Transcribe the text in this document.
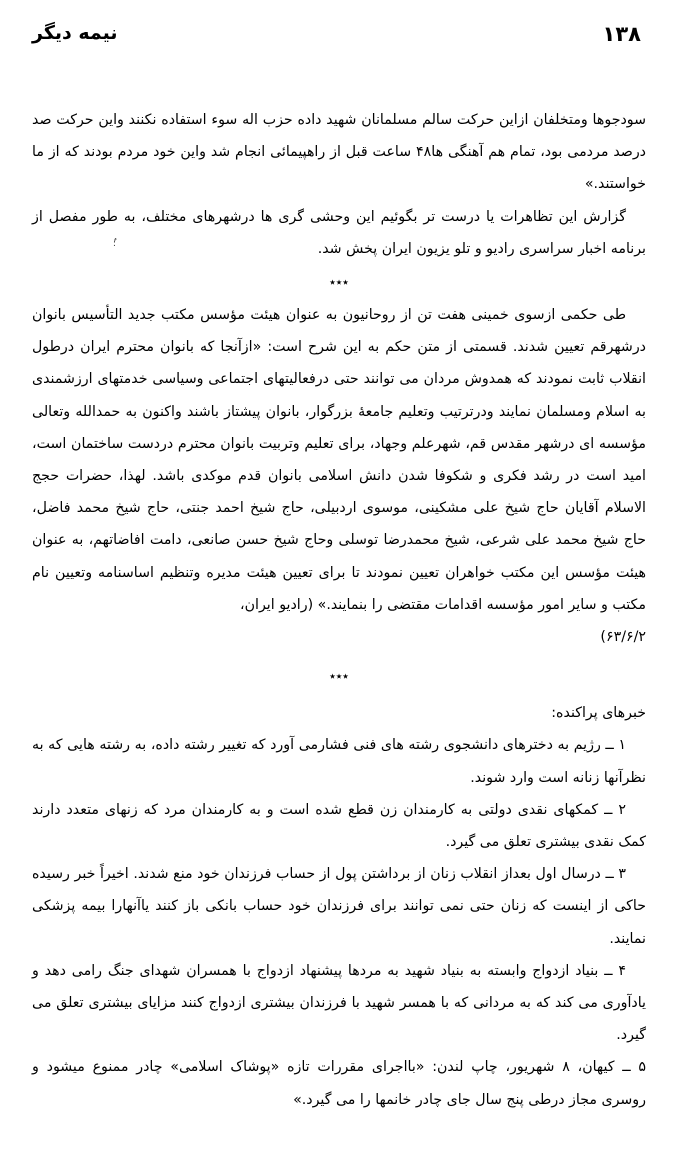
۱۳۸
نیمه دیگر
؛ٌ

سودجوها ومتخلفان ازاین حرکت سالم مسلمانان شهید داده حزب اله سوء استفاده نکنند واین حرکت صد درصد مردمی بود، تمام هم آهنگی ها۴۸ ساعت قبل از راهپیمائی انجام شد واین خود مردم بودند که از ما خواستند.»

گزارش این تظاهرات یا درست تر بگوئیم این وحشی گری ها درشهرهای مختلف، به طور مفصل از برنامه اخبار سراسری رادیو و تلو یزیون ایران پخش شد.

٭٭٭

طی حکمی ازسوی خمینی هفت تن از روحانیون به عنوان هیئت مؤسس مکتب جدید التأسیس بانوان درشهرقم تعیین شدند. قسمتی از متن حکم به این شرح است: «ازآنجا که بانوان محترم ایران درطول انقلاب ثابت نمودند که همدوش مردان می توانند حتی درفعالیتهای اجتماعی وسیاسی خدمتهای ارزشمندی به اسلام ومسلمان نمایند ودرترتیب وتعلیم جامعهٔ بزرگوار، بانوان پیشتاز باشند واکنون به حمدالله وتعالی مؤسسه ای درشهر مقدس قم، شهرعلم وجهاد، برای تعلیم وتربیت بانوان محترم دردست ساختمان است، امید است در رشد فکری و شکوفا شدن دانش اسلامی بانوان قدم موکدی باشد. لهذا، حضرات حجج الاسلام آقایان حاج شیخ علی مشکینی، موسوی اردبیلی، حاج شیخ احمد جنتی، حاج شیخ محمد فاضل، حاج شیخ محمد علی شرعی، شیخ محمدرضا توسلی وحاج شیخ حسن صانعی، دامت افاضاتهم، به عنوان هیئت مؤسس این مکتب خواهران تعیین نمودند تا برای تعیین هیئت مدیره وتنظیم اساسنامه وتعیین نام مکتب و سایر امور مؤسسه اقدامات مقتضی را بنمایند.» (رادیو ایران،

۶۳/۶/۲)

٭٭٭

خبرهای پراکنده:

۱ ــ رژیم به دخترهای دانشجوی رشته های فنی فشارمی آورد که تغییر رشته داده، به رشته هایی که به نظرآنها زنانه است وارد شوند.

۲ ــ کمکهای نقدی دولتی به کارمندان زن قطع شده است و به کارمندان مرد که زنهای متعدد دارند کمک نقدی بیشتری تعلق می گیرد.

۳ ــ درسال اول بعداز انقلاب زنان از برداشتن پول از حساب فرزندان خود منع شدند. اخیراً خبر رسیده حاکی از اینست که زنان حتی نمی توانند برای فرزندان خود حساب بانکی باز کنند یاآنهارا بیمه پزشکی نمایند.

۴ ــ بنیاد ازدواج وابسته به بنیاد شهید به مردها پیشنهاد ازدواج با همسران شهدای جنگ رامی دهد و یادآوری می کند که به مردانی که با همسر شهید با فرزندان بیشتری ازدواج کنند مزایای بیشتری تعلق می گیرد.

۵ ــ کیهان، ۸ شهریور، چاپ لندن: «بااجرای مقررات تازه «پوشاک اسلامی» چادر ممنوع میشود و روسری مجاز درطی پنج سال جای چادر خانمها را می گیرد.»
